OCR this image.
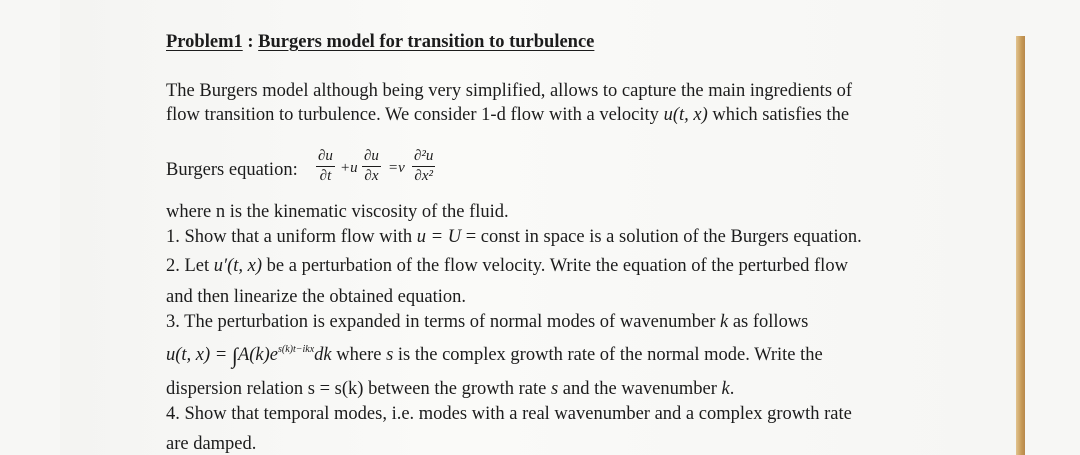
Problem1 : Burgers model for transition to turbulence
The Burgers model although being very simplified, allows to capture the main ingredients of
flow transition to turbulence. We consider 1-d flow with a velocity u(t, x) which satisfies the
Burgers equation:
∂u
∂t +u
∂u
∂x =ν
∂²u
∂x²
where n is the kinematic viscosity of the fluid.
1. Show that a uniform flow with u = U = const in space is a solution of the Burgers equation.
2. Let u′(t, x) be a perturbation of the flow velocity. Write the equation of the perturbed flow
and then linearize the obtained equation.
3. The perturbation is expanded in terms of normal modes of wavenumber k as follows
u(t, $x) = \int A(k)e^{s(k)t-ikx}dk$ where s is the complex growth rate of the normal mode. Write the
dispersion relation s = s(k) between the growth rate s and the wavenumber k.
4. Show that temporal modes, i.e. modes with a real wavenumber and a complex growth rate
are damped.
